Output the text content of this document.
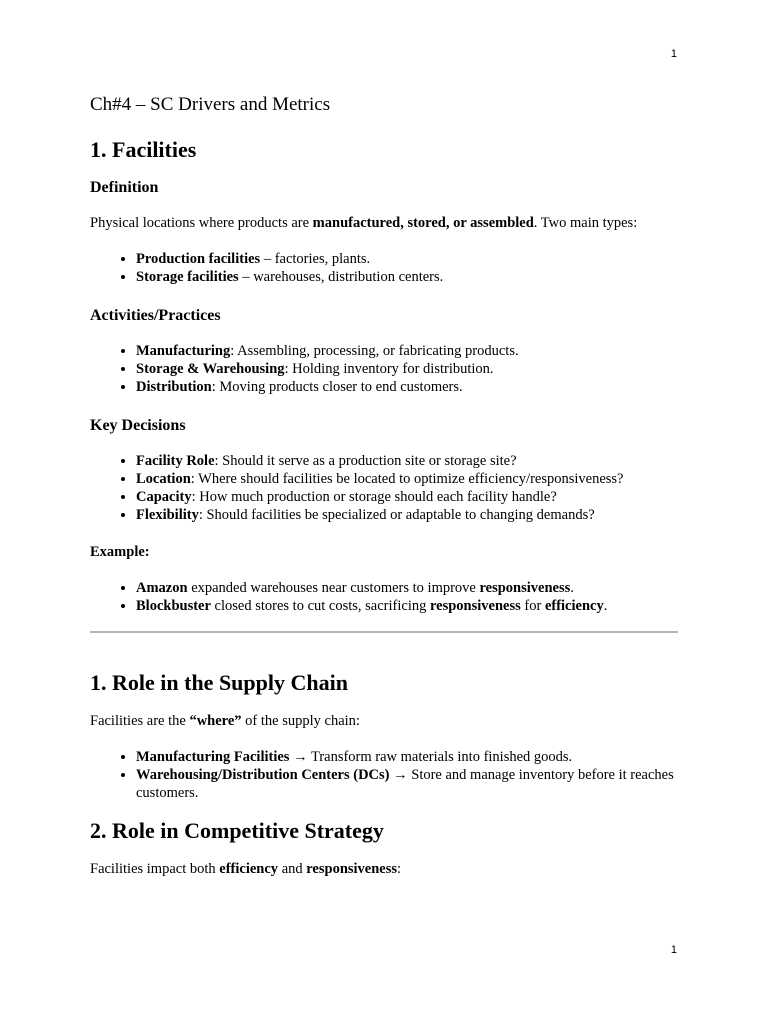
1
Ch#4 – SC Drivers and Metrics
1. Facilities
Definition

Physical locations where products are manufactured, stored, or assembled. Two main types:

• Production facilities – factories, plants.
• Storage facilities – warehouses, distribution centers.
Activities/Practices
• Manufacturing: Assembling, processing, or fabricating products.
• Storage & Warehousing: Holding inventory for distribution.
• Distribution: Moving products closer to end customers.
Key Decisions
• Facility Role: Should it serve as a production site or storage site?
• Location: Where should facilities be located to optimize efficiency/responsiveness?
• Capacity: How much production or storage should each facility handle?
• Flexibility: Should facilities be specialized or adaptable to changing demands?

Example:

• Amazon expanded warehouses near customers to improve responsiveness.
• Blockbuster closed stores to cut costs, sacrificing responsiveness for efficiency.
1. Role in the Supply Chain

Facilities are the “where” of the supply chain:

• Manufacturing Facilities → Transform raw materials into finished goods.
• Warehousing/Distribution Centers (DCs) → Store and manage inventory before it reaches customers.
2. Role in Competitive Strategy

Facilities impact both efficiency and responsiveness:

1
